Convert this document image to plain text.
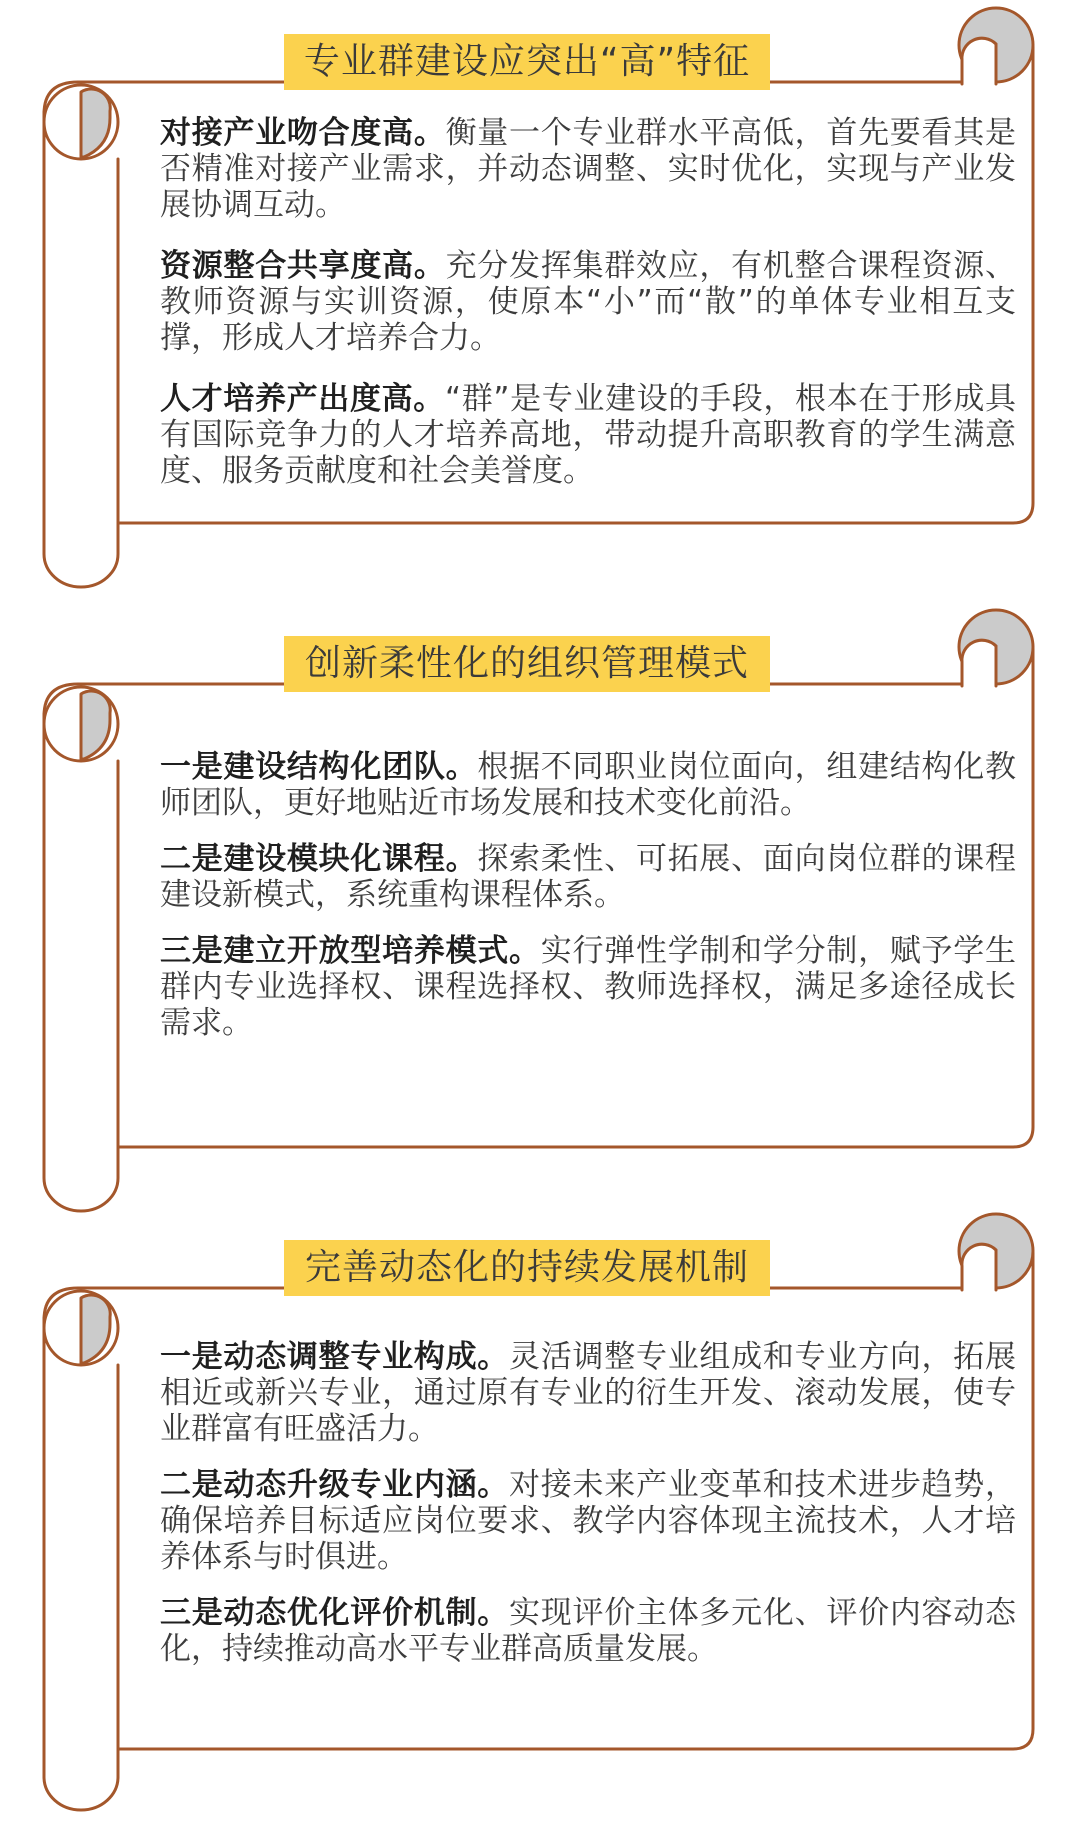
专业群建设应突出“高”特征
创新柔性化的组织管理模式
完善动态化的持续发展机制

对接产业吻合度高。衡量一个专业群水平高低，首先要看其是否精准对接产业需求，并动态调整、实时优化，实现与产业发展协调互动。

资源整合共享度高。充分发挥集群效应，有机整合课程资源、教师资源与实训资源，使原本“小”而“散”的单体专业相互支撑，形成人才培养合力。

人才培养产出度高。“群”是专业建设的手段，根本在于形成具有国际竞争力的人才培养高地，带动提升高职教育的学生满意度、服务贡献度和社会美誉度。

一是建设结构化团队。根据不同职业岗位面向，组建结构化教师团队，更好地贴近市场发展和技术变化前沿。

二是建设模块化课程。探索柔性、可拓展、面向岗位群的课程建设新模式，系统重构课程体系。

三是建立开放型培养模式。实行弹性学制和学分制，赋予学生群内专业选择权、课程选择权、教师选择权，满足多途径成长需求。

一是动态调整专业构成。灵活调整专业组成和专业方向，拓展相近或新兴专业，通过原有专业的衍生开发、滚动发展，使专业群富有旺盛活力。

二是动态升级专业内涵。对接未来产业变革和技术进步趋势，确保培养目标适应岗位要求、教学内容体现主流技术，人才培养体系与时俱进。

三是动态优化评价机制。实现评价主体多元化、评价内容动态化，持续推动高水平专业群高质量发展。
